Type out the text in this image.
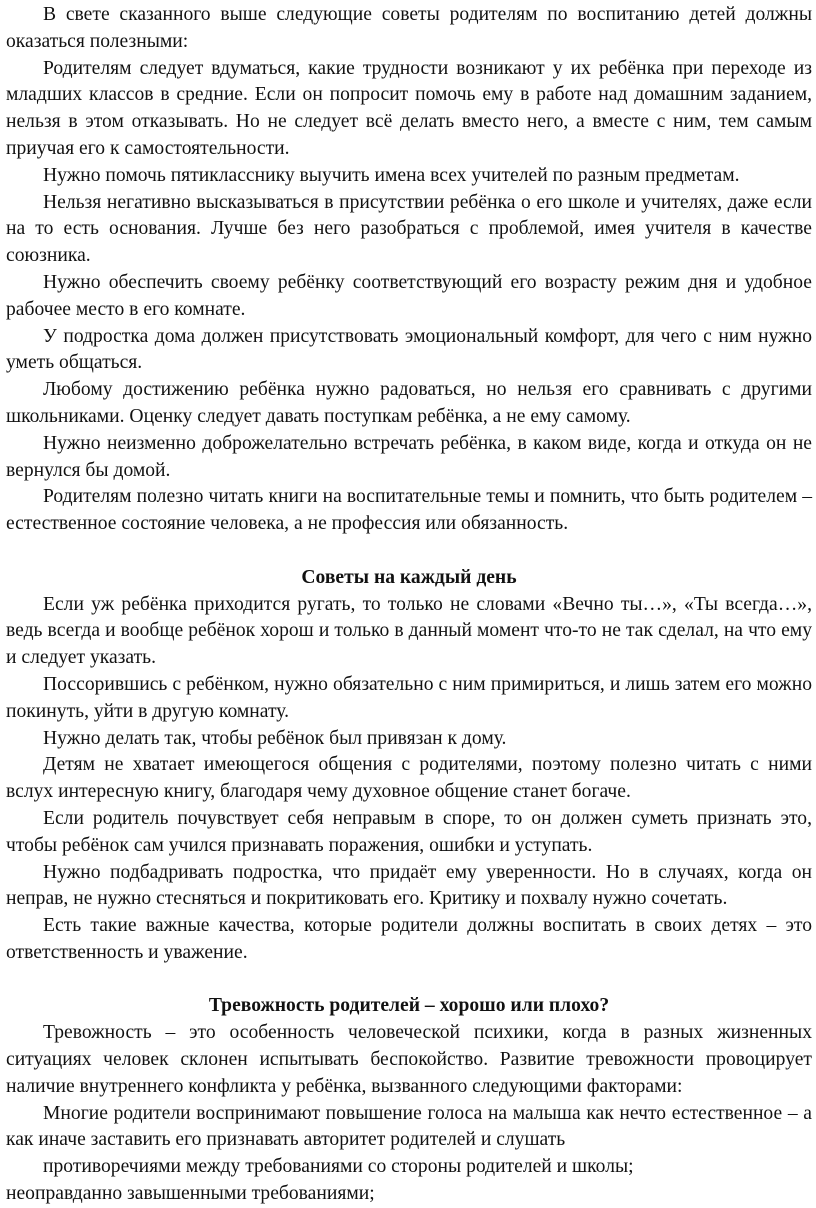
В свете сказанного выше следующие советы родителям по воспитанию детей должны оказаться полезными:

Родителям следует вдуматься, какие трудности возникают у их ребёнка при переходе из младших классов в средние. Если он попросит помочь ему в работе над домашним заданием, нельзя в этом отказывать. Но не следует всё делать вместо него, а вместе с ним, тем самым приучая его к самостоятельности.

Нужно помочь пятикласснику выучить имена всех учителей по разным предметам.

Нельзя негативно высказываться в присутствии ребёнка о его школе и учителях, даже если на то есть основания. Лучше без него разобраться с проблемой, имея учителя в качестве союзника.

Нужно обеспечить своему ребёнку соответствующий его возрасту режим дня и удобное рабочее место в его комнате.

У подростка дома должен присутствовать эмоциональный комфорт, для чего с ним нужно уметь общаться.

Любому достижению ребёнка нужно радоваться, но нельзя его сравнивать с другими школьниками. Оценку следует давать поступкам ребёнка, а не ему самому.

Нужно неизменно доброжелательно встречать ребёнка, в каком виде, когда и откуда он не вернулся бы домой.

Родителям полезно читать книги на воспитательные темы и помнить, что быть родителем – естественное состояние человека, а не профессия или обязанность.

Советы на каждый день

Если уж ребёнка приходится ругать, то только не словами «Вечно ты…», «Ты всегда…», ведь всегда и вообще ребёнок хорош и только в данный момент что-то не так сделал, на что ему и следует указать.

Поссорившись с ребёнком, нужно обязательно с ним примириться, и лишь затем его можно покинуть, уйти в другую комнату.

Нужно делать так, чтобы ребёнок был привязан к дому.

Детям не хватает имеющегося общения с родителями, поэтому полезно читать с ними вслух интересную книгу, благодаря чему духовное общение станет богаче.

Если родитель почувствует себя неправым в споре, то он должен суметь признать это, чтобы ребёнок сам учился признавать поражения, ошибки и уступать.

Нужно подбадривать подростка, что придаёт ему уверенности. Но в случаях, когда он неправ, не нужно стесняться и покритиковать его. Критику и похвалу нужно сочетать.

Есть такие важные качества, которые родители должны воспитать в своих детях – это ответственность и уважение.

Тревожность родителей – хорошо или плохо?

Тревожность – это особенность человеческой психики, когда в разных жизненных ситуациях человек склонен испытывать беспокойство. Развитие тревожности провоцирует наличие внутреннего конфликта у ребёнка, вызванного следующими факторами:

Многие родители воспринимают повышение голоса на малыша как нечто естественное – а как иначе заставить его признавать авторитет родителей и слушать

противоречиями между требованиями со стороны родителей и школы;

неоправданно завышенными требованиями;
